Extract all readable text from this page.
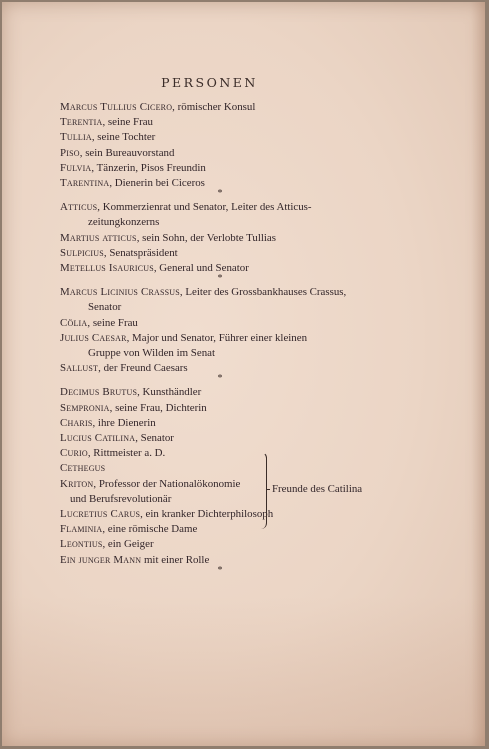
PERSONEN
Marcus Tullius Cicero, römischer Konsul
Terentia, seine Frau
Tullia, seine Tochter
Piso, sein Bureauvorstand
Fulvia, Tänzerin, Pisos Freundin
Tarentina, Dienerin bei Ciceros
*
Atticus, Kommerzienrat und Senator, Leiter des Atticus-
zeitungkonzerns
Martius atticus, sein Sohn, der Verlobte Tullias
Sulpicius, Senatspräsident
Metellus Isauricus, General und Senator
*
Marcus Licinius Crassus, Leiter des Grossbankhauses Crassus,
Senator
Cölia, seine Frau
Julius Caesar, Major und Senator, Führer einer kleinen
Gruppe von Wilden im Senat
Sallust, der Freund Caesars
*
Decimus Brutus, Kunsthändler
Sempronia, seine Frau, Dichterin
Charis, ihre Dienerin
Lucius Catilina, Senator
Curio, Rittmeister a. D.
Cethegus
Kriton, Professor der Nationalökonomie
und Berufsrevolutionär
Freunde des Catilina
Lucretius Carus, ein kranker Dichterphilosoph
Flaminia, eine römische Dame
Leontius, ein Geiger
Ein junger Mann mit einer Rolle
*
